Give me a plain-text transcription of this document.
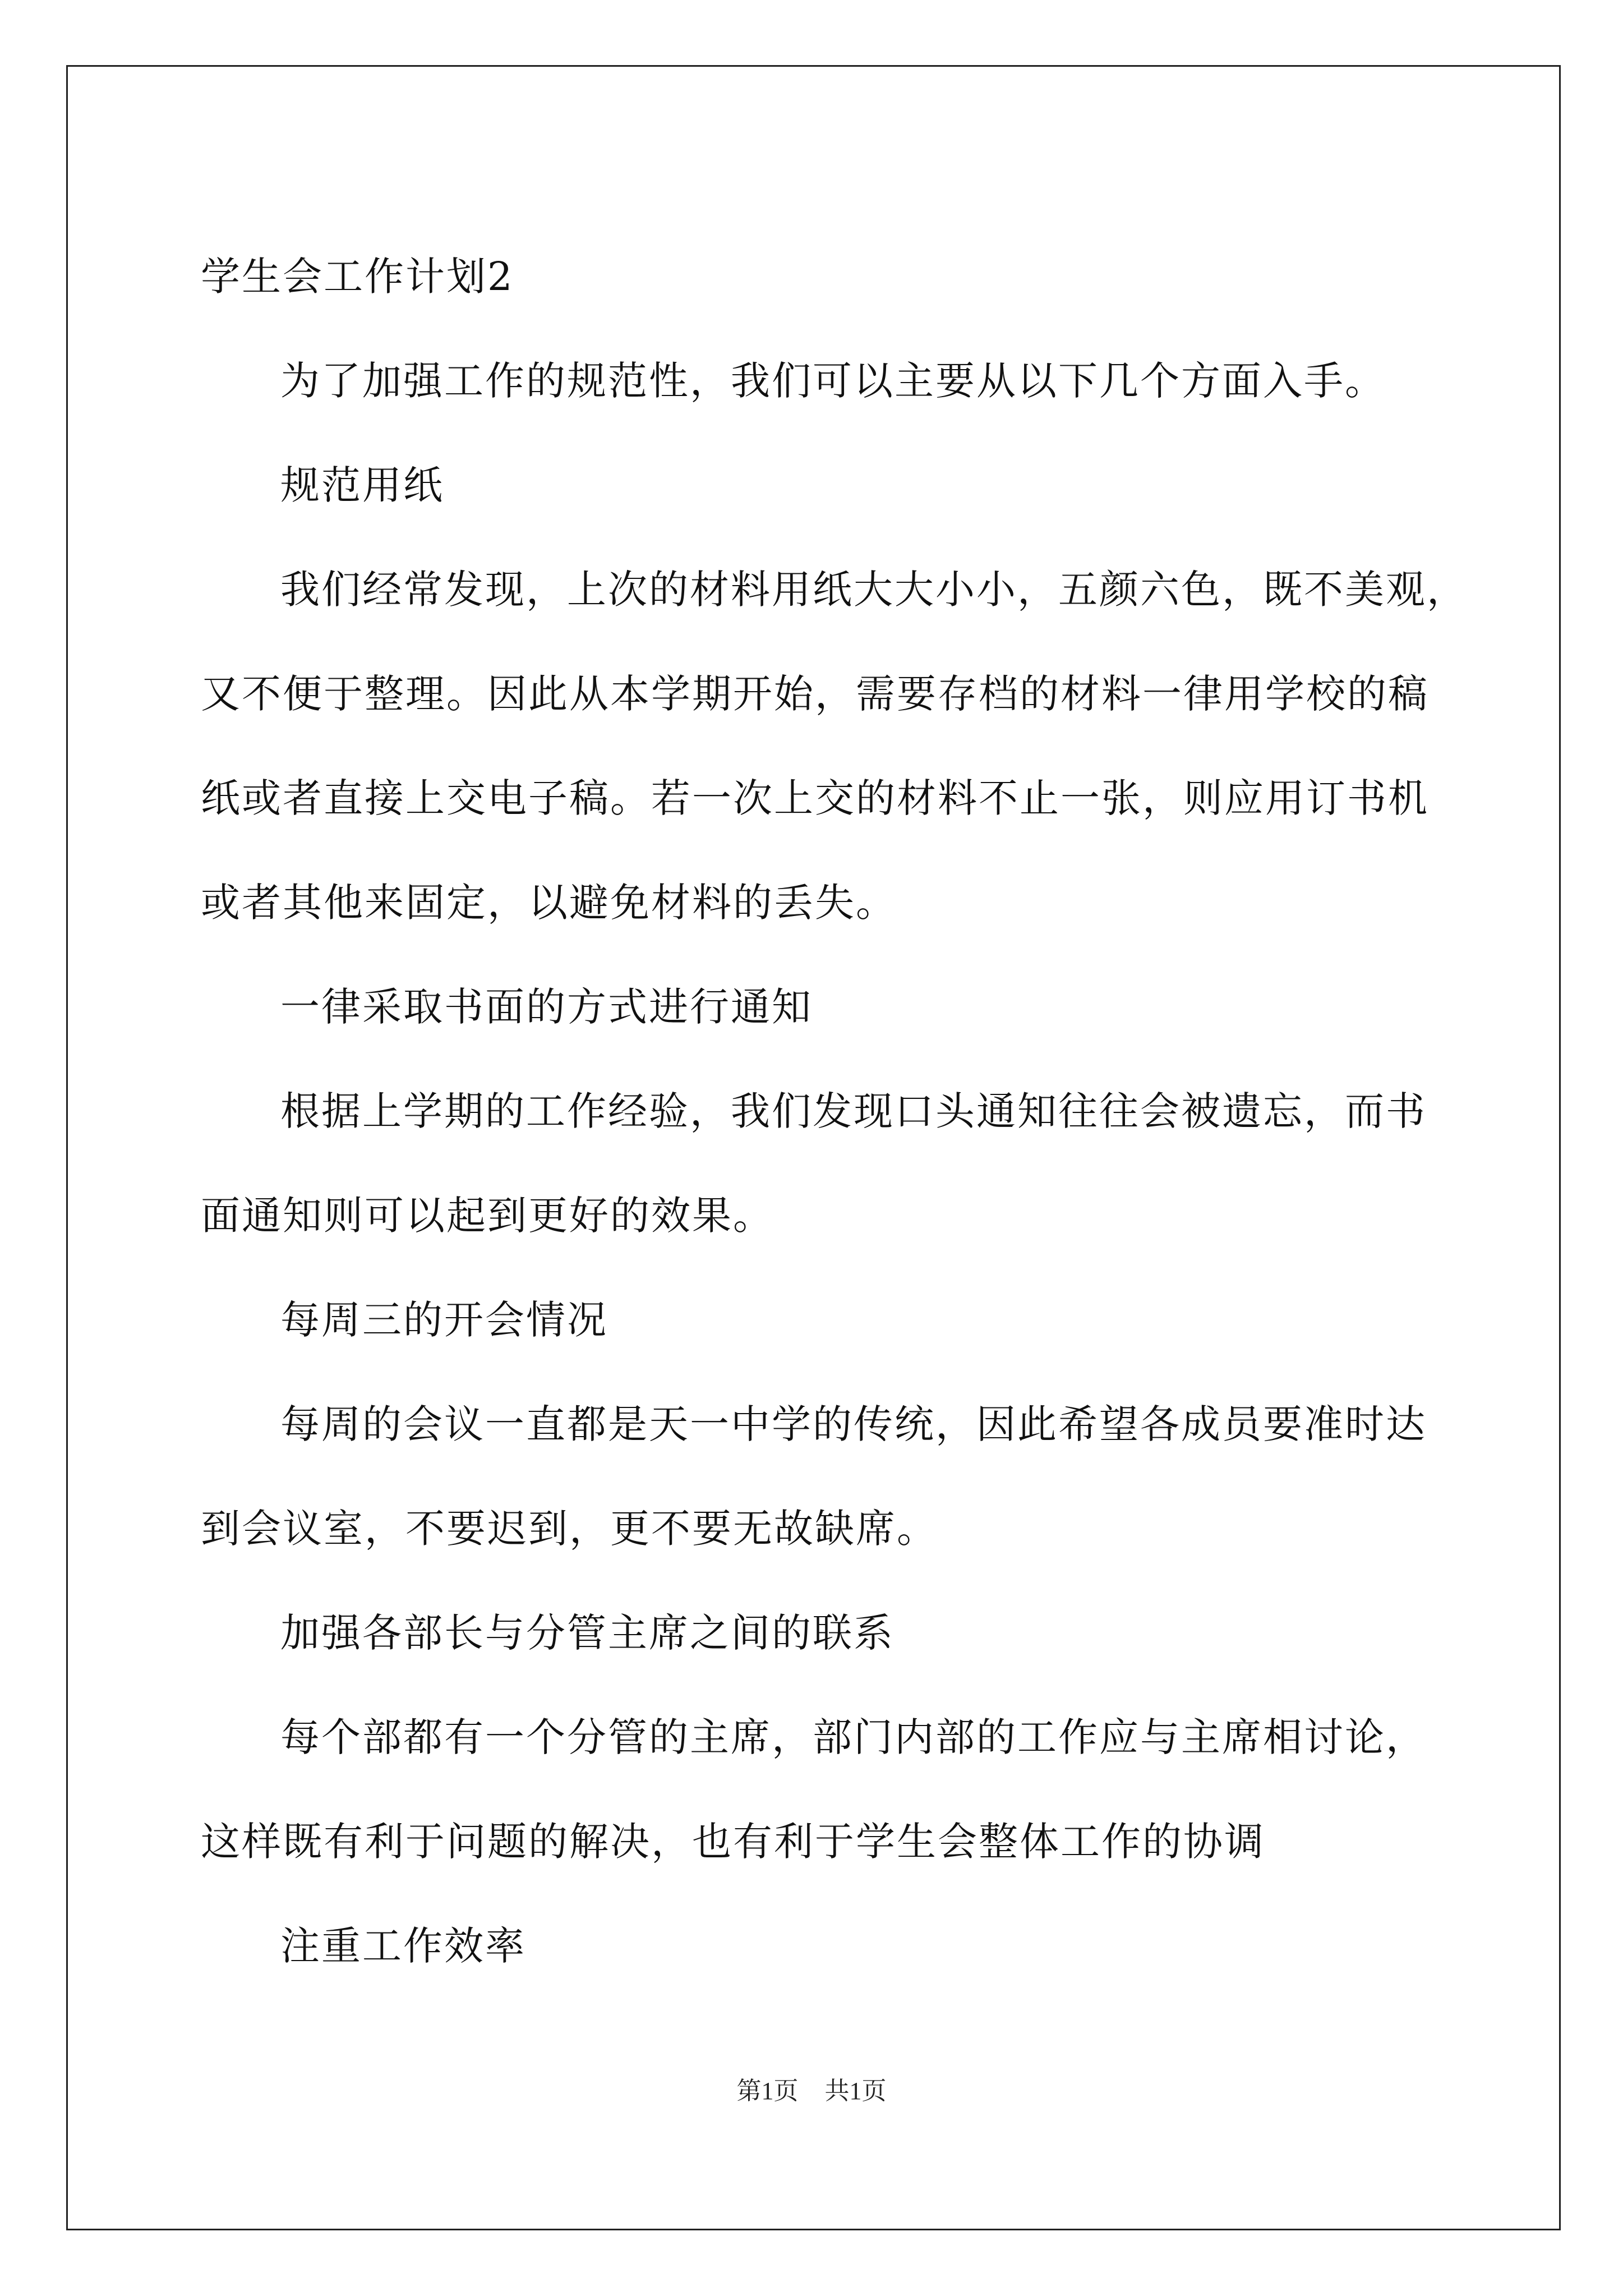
学生会工作计划2
为了加强工作的规范性，我们可以主要从以下几个方面入手。
规范用纸
我们经常发现，上次的材料用纸大大小小，五颜六色，既不美观，
又不便于整理。因此从本学期开始，需要存档的材料一律用学校的稿
纸或者直接上交电子稿。若一次上交的材料不止一张，则应用订书机
或者其他来固定，以避免材料的丢失。
一律采取书面的方式进行通知
根据上学期的工作经验，我们发现口头通知往往会被遗忘，而书
面通知则可以起到更好的效果。
每周三的开会情况
每周的会议一直都是天一中学的传统，因此希望各成员要准时达
到会议室，不要迟到，更不要无故缺席。
加强各部长与分管主席之间的联系
每个部都有一个分管的主席，部门内部的工作应与主席相讨论，
这样既有利于问题的解决，也有利于学生会整体工作的协调
注重工作效率
第1页 共1页
